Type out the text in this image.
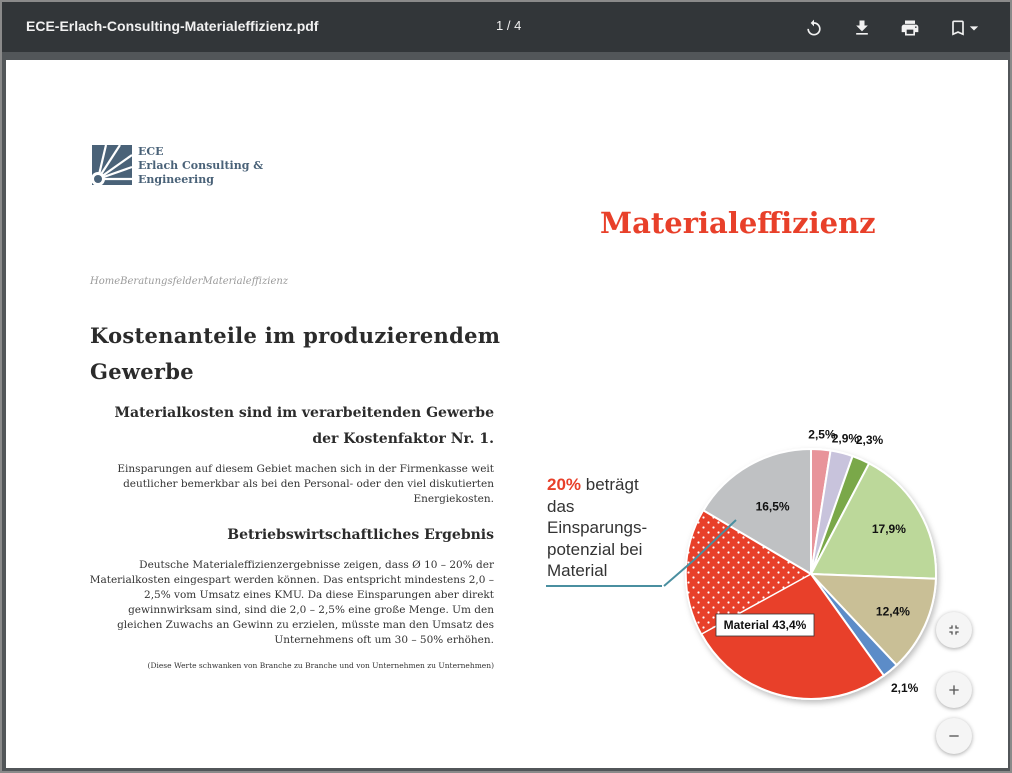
ECE-Erlach-Consulting-Materialeffizienz.pdf	1 / 4
ECE
Erlach Consulting &
Engineering
Materialeffizienz
HomeBeratungsfelderMaterialeffizienz
Kostenanteile im produzierendem Gewerbe
Materialkosten sind im verarbeitenden Gewerbe der Kostenfaktor Nr. 1.
Einsparungen auf diesem Gebiet machen sich in der Firmenkasse weit deutlicher bemerkbar als bei den Personal- oder den viel diskutierten Energiekosten.
Betriebswirtschaftliches Ergebnis
Deutsche Materialeffizienzergebnisse zeigen, dass Ø 10 – 20% der Materialkosten eingespart werden können. Das entspricht mindestens 2,0 – 2,5% vom Umsatz eines KMU. Da diese Einsparungen aber direkt gewinnwirksam sind, sind die 2,0 – 2,5% eine große Menge. Um den gleichen Zuwachs an Gewinn zu erzielen, müsste man den Umsatz des Unternehmens oft um 30 – 50% erhöhen.
(Diese Werte schwanken von Branche zu Branche und von Unternehmen zu Unternehmen)
20% beträgt
das
Einsparungs-
potenzial bei
Material
2,5%
2,9%
2,3%
17,9%
12,4%
2,1%
Material 43,4%
16,5%
